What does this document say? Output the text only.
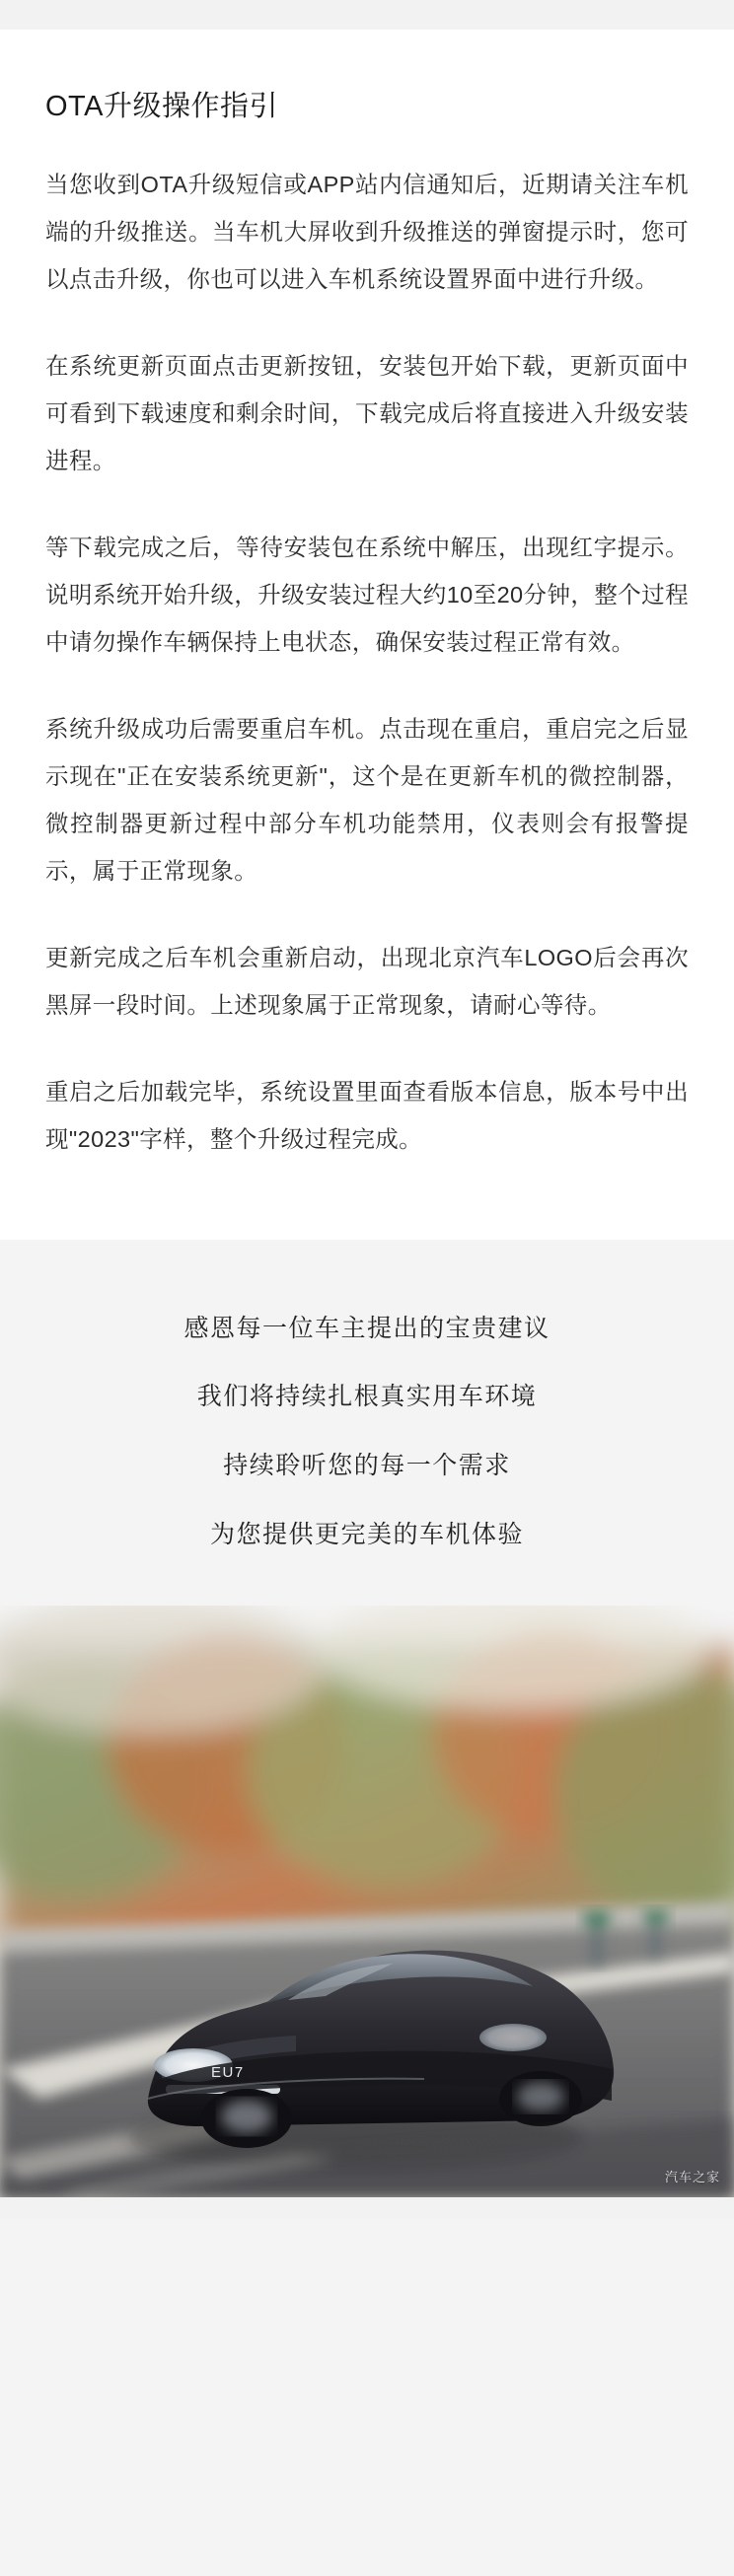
OTA升级操作指引

当您收到OTA升级短信或APP站内信通知后，近期请关注车机端的升级推送。当车机大屏收到升级推送的弹窗提示时，您可以点击升级，你也可以进入车机系统设置界面中进行升级。

在系统更新页面点击更新按钮，安装包开始下载，更新页面中可看到下载速度和剩余时间，下载完成后将直接进入升级安装进程。

等下载完成之后，等待安装包在系统中解压，出现红字提示。说明系统开始升级，升级安装过程大约10至20分钟，整个过程中请勿操作车辆保持上电状态，确保安装过程正常有效。

系统升级成功后需要重启车机。点击现在重启，重启完之后显示现在"正在安装系统更新"，这个是在更新车机的微控制器，微控制器更新过程中部分车机功能禁用，仪表则会有报警提示，属于正常现象。

更新完成之后车机会重新启动，出现北京汽车LOGO后会再次黑屏一段时间。上述现象属于正常现象，请耐心等待。

重启之后加载完毕，系统设置里面查看版本信息，版本号中出现"2023"字样，整个升级过程完成。

感恩每一位车主提出的宝贵建议
我们将持续扎根真实用车环境
持续聆听您的每一个需求
为您提供更完美的车机体验
EU7
汽车之家
